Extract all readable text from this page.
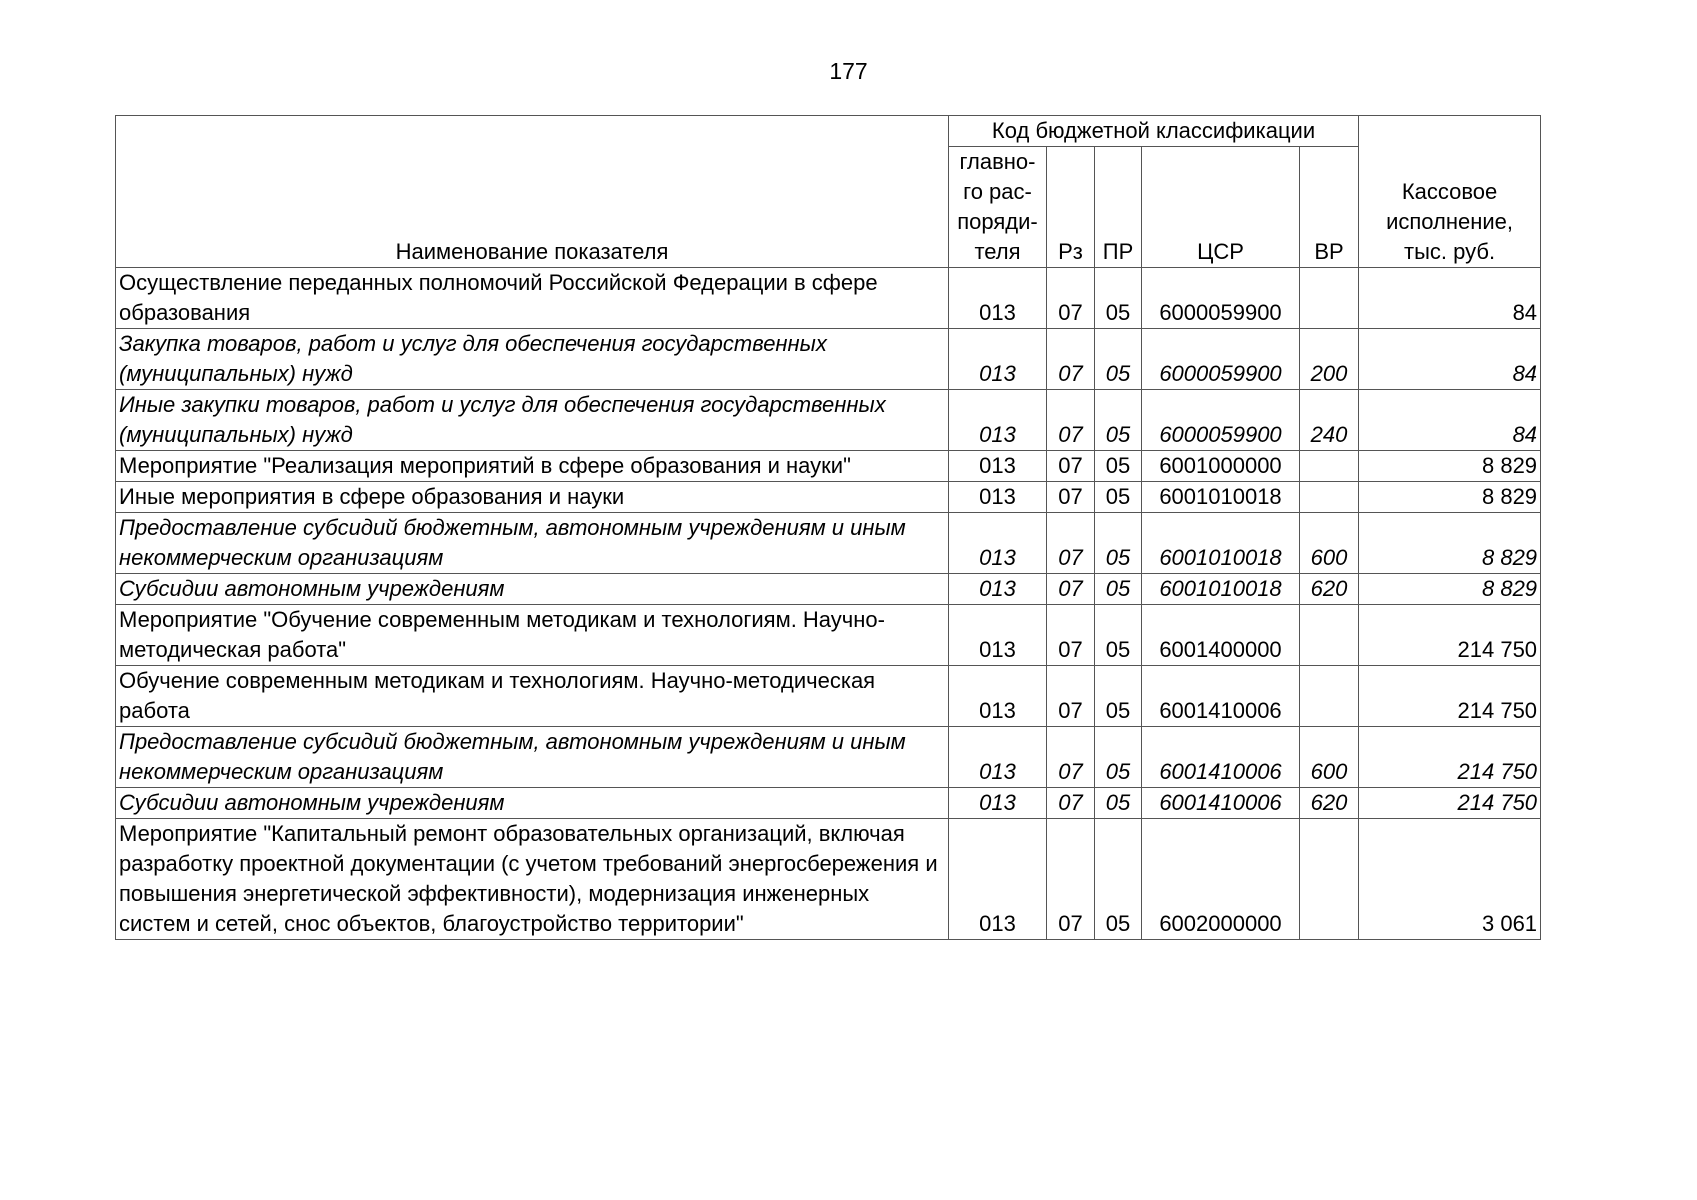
177
Наименование показателя	Код бюджетной классификации					Кассовое исполнение, тыс. руб.
	главно-го рас-поряди-теля	Рз	ПР	ЦСР	ВР	
Осуществление переданных полномочий Российской Федерации в сфере образования	013	07	05	6000059900		84
Закупка товаров, работ и услуг для обеспечения государственных (муниципальных) нужд	013	07	05	6000059900	200	84
Иные закупки товаров, работ и услуг для обеспечения государственных (муниципальных) нужд	013	07	05	6000059900	240	84
Мероприятие "Реализация мероприятий в сфере образования и науки"	013	07	05	6001000000		8 829
Иные мероприятия в сфере образования и науки	013	07	05	6001010018		8 829
Предоставление субсидий бюджетным, автономным учреждениям и иным некоммерческим организациям	013	07	05	6001010018	600	8 829
Субсидии автономным учреждениям	013	07	05	6001010018	620	8 829
Мероприятие "Обучение современным методикам и технологиям. Научно-методическая работа"	013	07	05	6001400000		214 750
Обучение современным методикам и технологиям. Научно-методическая работа	013	07	05	6001410006		214 750
Предоставление субсидий бюджетным, автономным учреждениям и иным некоммерческим организациям	013	07	05	6001410006	600	214 750
Субсидии автономным учреждениям	013	07	05	6001410006	620	214 750
Мероприятие "Капитальный ремонт образовательных организаций, включая разработку проектной документации (с учетом требований энергосбережения и повышения энергетической эффективности), модернизация инженерных систем и сетей, снос объектов, благоустройство территории"	013	07	05	6002000000		3 061
